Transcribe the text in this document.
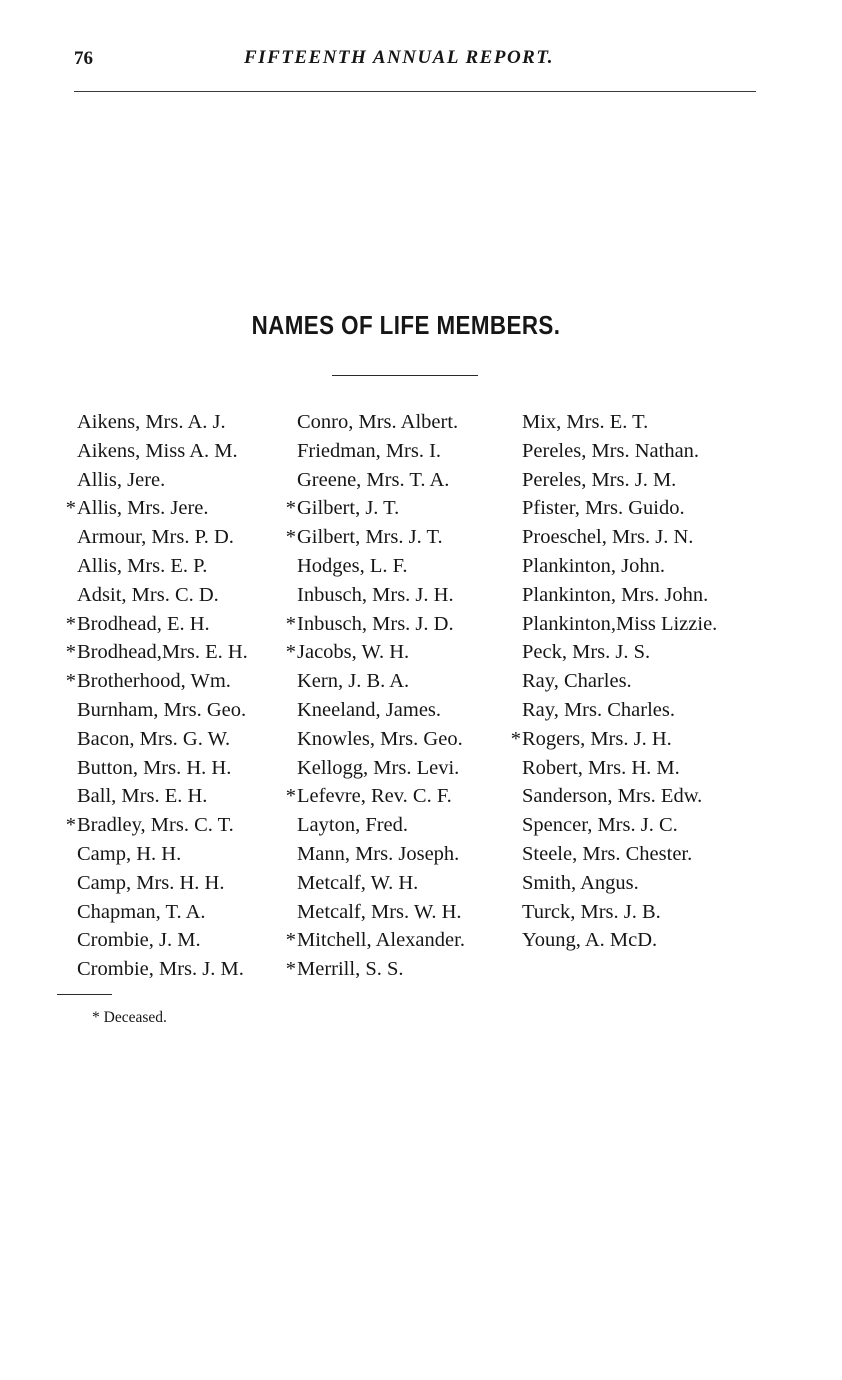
76	FIFTEENTH ANNUAL REPORT.
NAMES OF LIFE MEMBERS.
Aikens, Mrs. A. J.
Aikens, Miss A. M.
Allis, Jere.
*Allis, Mrs. Jere.
Armour, Mrs. P. D.
Allis, Mrs. E. P.
Adsit, Mrs. C. D.
*Brodhead, E. H.
*Brodhead,Mrs. E. H.
*Brotherhood, Wm.
Burnham, Mrs. Geo.
Bacon, Mrs. G. W.
Button, Mrs. H. H.
Ball, Mrs. E. H.
*Bradley, Mrs. C. T.
Camp, H. H.
Camp, Mrs. H. H.
Chapman, T. A.
Crombie, J. M.
Crombie, Mrs. J. M.
Conro, Mrs. Albert.
Friedman, Mrs. I.
Greene, Mrs. T. A.
*Gilbert, J. T.
*Gilbert, Mrs. J. T.
Hodges, L. F.
Inbusch, Mrs. J. H.
*Inbusch, Mrs. J. D.
*Jacobs, W. H.
Kern, J. B. A.
Kneeland, James.
Knowles, Mrs. Geo.
Kellogg, Mrs. Levi.
*Lefevre, Rev. C. F.
Layton, Fred.
Mann, Mrs. Joseph.
Metcalf, W. H.
Metcalf, Mrs. W. H.
*Mitchell, Alexander.
*Merrill, S. S.
Mix, Mrs. E. T.
Pereles, Mrs. Nathan.
Pereles, Mrs. J. M.
Pfister, Mrs. Guido.
Proeschel, Mrs. J. N.
Plankinton, John.
Plankinton, Mrs. John.
Plankinton,Miss Lizzie.
Peck, Mrs. J. S.
Ray, Charles.
Ray, Mrs. Charles.
*Rogers, Mrs. J. H.
Robert, Mrs. H. M.
Sanderson, Mrs. Edw.
Spencer, Mrs. J. C.
Steele, Mrs. Chester.
Smith, Angus.
Turck, Mrs. J. B.
Young, A. McD.
* Deceased.
